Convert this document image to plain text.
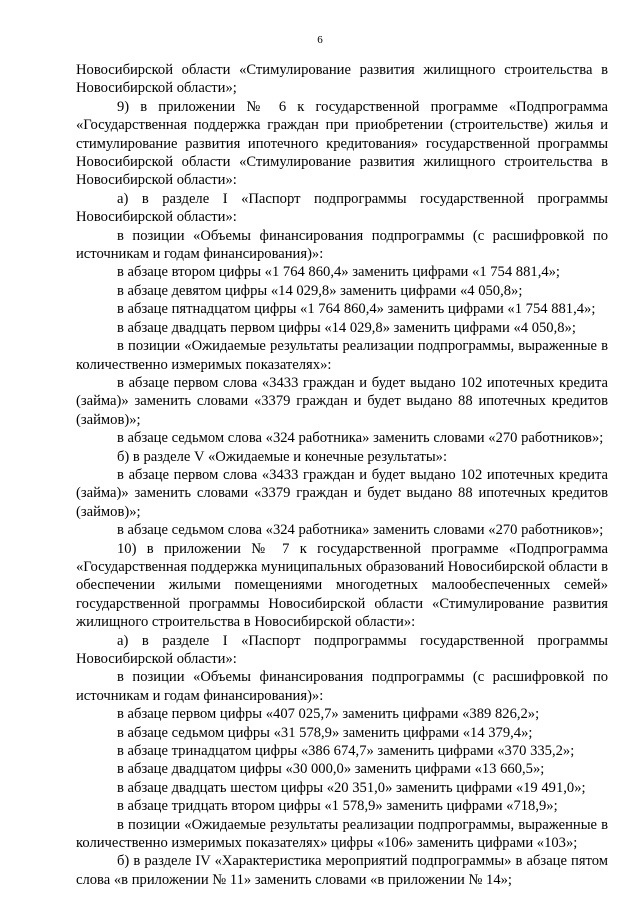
6

Новосибирской области «Стимулирование развития жилищного строительства в Новосибирской области»;

9) в приложении № 6 к государственной программе «Подпрограмма «Государственная поддержка граждан при приобретении (строительстве) жилья и стимулирование развития ипотечного кредитования» государственной программы Новосибирской области «Стимулирование развития жилищного строительства в Новосибирской области»:

а) в разделе I «Паспорт подпрограммы государственной программы Новосибирской области»:

в позиции «Объемы финансирования подпрограммы (с расшифровкой по источникам и годам финансирования)»:

в абзаце втором цифры «1 764 860,4» заменить цифрами «1 754 881,4»;

в абзаце девятом цифры «14 029,8» заменить цифрами «4 050,8»;

в абзаце пятнадцатом цифры «1 764 860,4» заменить цифрами «1 754 881,4»;

в абзаце двадцать первом цифры «14 029,8» заменить цифрами «4 050,8»;

в позиции «Ожидаемые результаты реализации подпрограммы, выраженные в количественно измеримых показателях»:

в абзаце первом слова «3433 граждан и будет выдано 102 ипотечных кредита (займа)» заменить словами «3379 граждан и будет выдано 88 ипотечных кредитов (займов)»;

в абзаце седьмом слова «324 работника» заменить словами «270 работников»;

б) в разделе V «Ожидаемые и конечные результаты»:

в абзаце первом слова «3433 граждан и будет выдано 102 ипотечных кредита (займа)» заменить словами «3379 граждан и будет выдано 88 ипотечных кредитов (займов)»;

в абзаце седьмом слова «324 работника» заменить словами «270 работников»;

10) в приложении № 7 к государственной программе «Подпрограмма «Государственная поддержка муниципальных образований Новосибирской области в обеспечении жилыми помещениями многодетных малообеспеченных семей» государственной программы Новосибирской области «Стимулирование развития жилищного строительства в Новосибирской области»:

а) в разделе I «Паспорт подпрограммы государственной программы Новосибирской области»:

в позиции «Объемы финансирования подпрограммы (с расшифровкой по источникам и годам финансирования)»:

в абзаце первом цифры «407 025,7» заменить цифрами «389 826,2»;

в абзаце седьмом цифры «31 578,9» заменить цифрами «14 379,4»;

в абзаце тринадцатом цифры «386 674,7» заменить цифрами «370 335,2»;

в абзаце двадцатом цифры «30 000,0» заменить цифрами «13 660,5»;

в абзаце двадцать шестом цифры «20 351,0» заменить цифрами «19 491,0»;

в абзаце тридцать втором цифры «1 578,9» заменить цифрами «718,9»;

в позиции «Ожидаемые результаты реализации подпрограммы, выраженные в количественно измеримых показателях» цифры «106» заменить цифрами «103»;

б) в разделе IV «Характеристика мероприятий подпрограммы» в абзаце пятом слова «в приложении № 11» заменить словами «в приложении № 14»;
